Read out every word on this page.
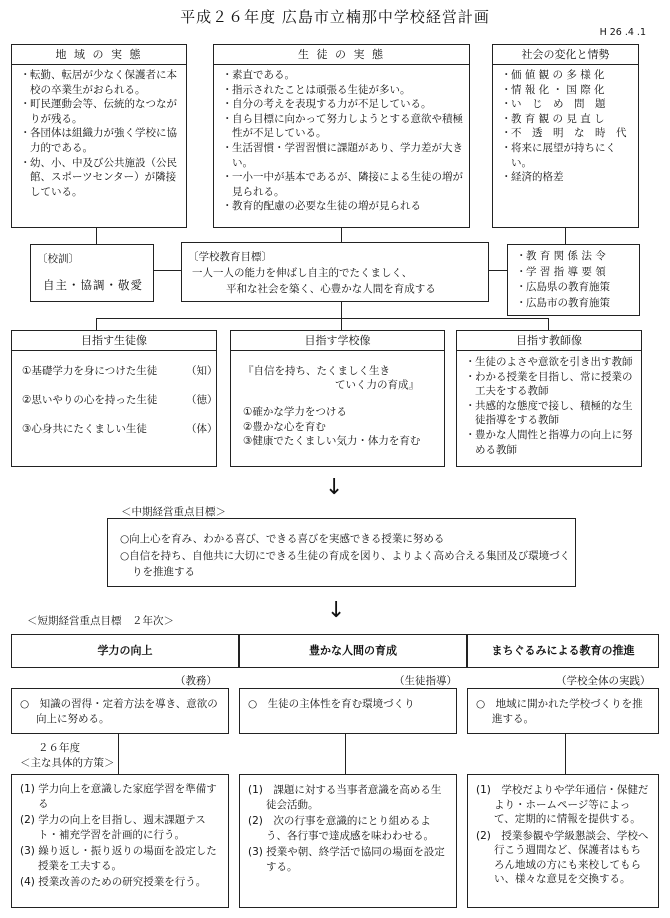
平成２６年度 広島市立楠那中学校経営計画
H 26 .4 .1
地 域 の 実 態
・ 転勤、転居が少なく保護者に本校の卒業生がおられる。
・ 町民運動会等、伝統的なつながりが残る。
・ 各団体は組織力が強く学校に協力的である。
・ 幼、小、中及び公共施設（公民館、スポーツセンター）が隣接している。
生 徒 の 実 態
・ 素直である。
・ 指示されたことは頑張る生徒が多い。
・ 自分の考えを表現する力が不足している。
・ 自ら目標に向かって努力しようとする意欲や積極性が不足している。
・ 生活習慣・学習習慣に課題があり、学力差が大きい。
・ 一小一中が基本であるが、隣接による生徒の増が見られる。
・ 教育的配慮の必要な生徒の増が見られる
社会の変化と情勢
・ 価 値 観 の 多 様 化
・ 情 報 化 ・ 国 際 化
・ い　じ　め　問　題
・ 教 育 観 の 見 直 し
・ 不　透　明　な　時　代
・ 将来に展望が持ちにくい。
・ 経済的格差
〔校訓〕
自主・協調・敬愛
〔学校教育目標〕
一人一人の能力を伸ばし自主的でたくましく、
平和な社会を築く、心豊かな人間を育成する
・ 教 育 関 係 法 令
・ 学 習 指 導 要 領
・ 広島県の教育施策
・ 広島市の教育施策
目指す生徒像
①基礎学力を身につけた生徒	（知）
②思いやりの心を持った生徒	（徳）
③心身共にたくましい生徒	（体）
目指す学校像
『自信を持ち、たくましく生き
ていく力の育成』
①確かな学力をつける
②豊かな心を育む
③健康でたくましい気力・体力を育む
目指す教師像
・ 生徒のよさや意欲を引き出す教師
・ わかる授業を目指し、常に授業の工夫をする教師
・ 共感的な態度で接し、積極的な生徒指導をする教師
・ 豊かな人間性と指導力の向上に努める教師
↓
＜中期経営重点目標＞
○向上心を育み、わかる喜び、できる喜びを実感できる授業に努める
○自信を持ち、自他共に大切にできる生徒の育成を図り、よりよく高め合える集団及び環境づくりを推進する
↓
＜短期経営重点目標　２年次＞
学力の向上	豊かな人間の育成	まちぐるみによる教育の推進
（教務）	（生徒指導）	（学校全体の実践）

○　知識の習得・定着方法を導き、意欲の向上に努める。

○　生徒の主体性を育む環境づくり	○　地域に開かれた学校づくりを推進する。

２６年度
＜主な具体的方策＞

(1) 学力向上を意識した家庭学習を準備する

(2) 学力の向上を目指し、週末課題テスト・補充学習を計画的に行う。

(3) 繰り返し・振り返りの場面を設定した授業を工夫する。

(4) 授業改善のための研究授業を行う。

(1)　課題に対する当事者意識を高める生徒会活動。

(2)　次の行事を意識的にとり組めるよう、各行事で達成感を味わわせる。

(3) 授業や朝、終学活で協同の場面を設定する。

(1)　学校だよりや学年通信・保健だより・ホームページ等によって、定期的に情報を提供する。

(2)　授業参観や学級懇談会、学校へ行こう週間など、保護者はもちろん地域の方にも来校してもらい、様々な意見を交換する。
